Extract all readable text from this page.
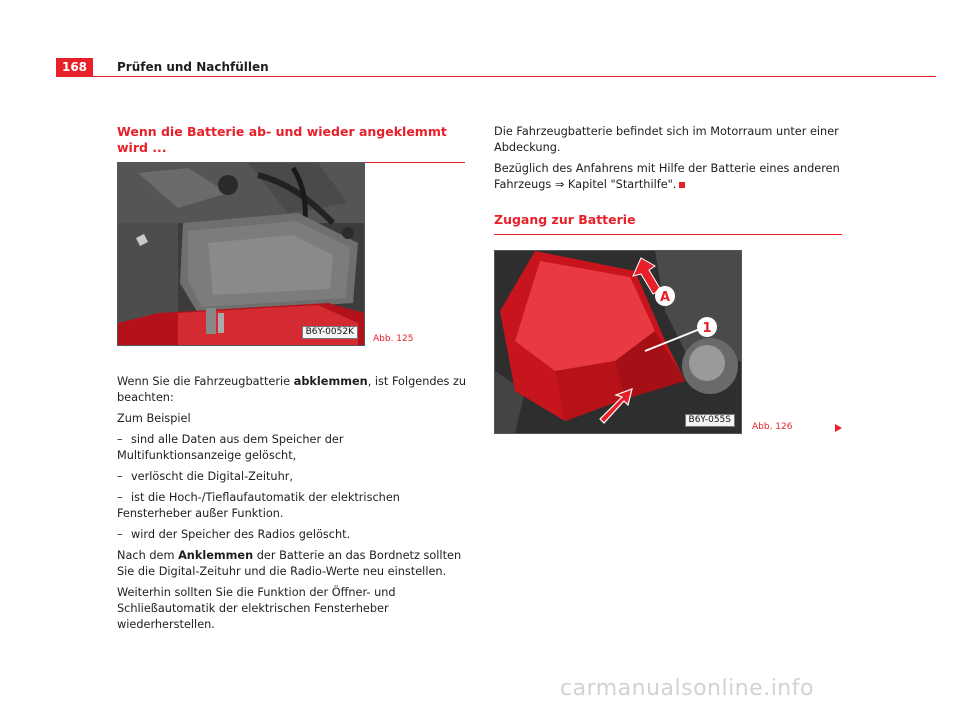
168	Prüfen und Nachfüllen
Wenn die Batterie ab- und wieder angeklemmt wird ...
B6Y-0052K
Abb. 125

Wenn Sie die Fahrzeugbatterie abklemmen, ist Folgendes zu beachten:

Zum Beispiel

– sind alle Daten aus dem Speicher der Multifunktionsanzeige gelöscht,

– verlöscht die Digital-Zeituhr,

– ist die Hoch-/Tieflaufautomatik der elektrischen Fensterheber außer Funktion.

– wird der Speicher des Radios gelöscht.

Nach dem Anklemmen der Batterie an das Bordnetz sollten Sie die Digital-Zeituhr und die Radio-Werte neu einstellen.

Weiterhin sollten Sie die Funktion der Öffner- und Schließautomatik der elektrischen Fensterheber wiederherstellen.

Die Fahrzeugbatterie befindet sich im Motorraum unter einer Abdeckung.

Bezüglich des Anfahrens mit Hilfe der Batterie eines anderen Fahrzeugs ⇒ Kapitel "Starthilfe".

Zugang zur Batterie
A
1
B6Y-055S
Abb. 126
carmanualsonline.info
